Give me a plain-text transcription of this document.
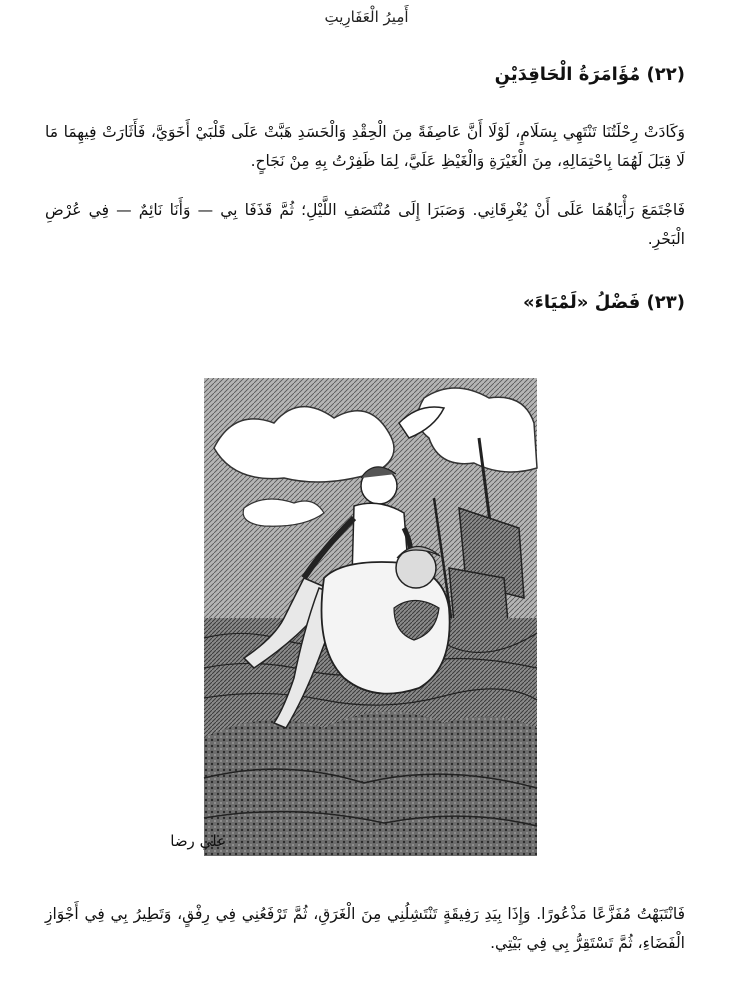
أَمِيرُ الْعَفَارِيتِ
(٢٢) مُؤَامَرَةُ الْحَاقِدَيْنِ

وَكَادَتْ رِحْلَتُنَا تَنْتَهِي بِسَلَامٍ، لَوْلَا أَنَّ عَاصِفَةً مِنَ الْحِقْدِ وَالْحَسَدِ هَبَّتْ عَلَى قَلْبَيْ أَخَوَيَّ، فَأَثَارَتْ فِيهِمَا مَا لَا قِبَلَ لَهُمَا بِاحْتِمَالِهِ، مِنَ الْغَيْرَةِ وَالْغَيْظِ عَلَيَّ، لِمَا ظَفِرْتُ بِهِ مِنْ نَجَاحٍ.

فَاجْتَمَعَ رَأْيَاهُمَا عَلَى أَنْ يُغْرِقَانِي. وَصَبَرَا إِلَى مُنْتَصَفِ اللَّيْلِ؛ ثُمَّ قَذَفَا بِي — وَأَنَا نَائِمٌ — فِي عُرْضِ الْبَحْرِ.

(٢٣) فَضْلُ «لَمْيَاءَ»
علي رضا

فَانْتَبَهْتُ مُفَزَّعًا مَذْعُورًا. وَإِذَا بِيَدِ رَفِيقَةٍ تَنْتَشِلُنِي مِنَ الْغَرَقِ، ثُمَّ تَرْفَعُنِي فِي رِفْقٍ، وَتَطِيرُ بِي فِي أَجْوَازِ الْفَضَاءِ، ثُمَّ تَسْتَقِرُّ بِي فِي بَيْتِي.
